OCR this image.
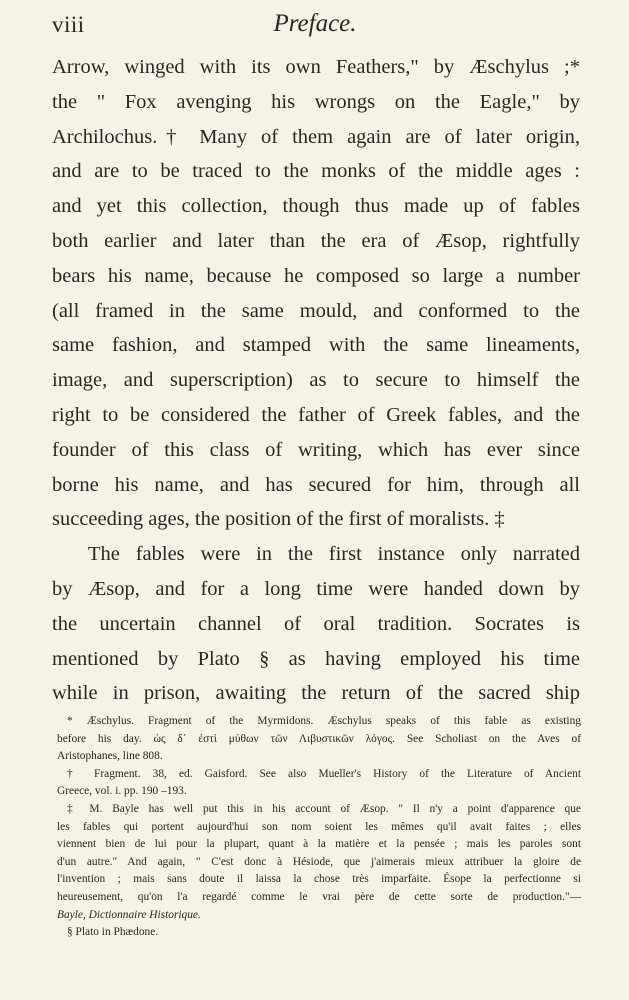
viii	Preface.
Arrow, winged with its own Feathers," by Æschylus ;*
the " Fox avenging his wrongs on the Eagle," by
Archilochus.† Many of them again are of later origin,
and are to be traced to the monks of the middle ages :
and yet this collection, though thus made up of fables
both earlier and later than the era of Æsop, rightfully
bears his name, because he composed so large a number
(all framed in the same mould, and conformed to the
same fashion, and stamped with the same lineaments,
image, and superscription) as to secure to himself the
right to be considered the father of Greek fables, and the
founder of this class of writing, which has ever since
borne his name, and has secured for him, through all
succeeding ages, the position of the first of moralists. ‡
The fables were in the first instance only narrated
by Æsop, and for a long time were handed down by
the uncertain channel of oral tradition. Socrates is
mentioned by Plato § as having employed his time
while in prison, awaiting the return of the sacred ship
* Æschylus. Fragment of the Myrmidons. Æschylus speaks of this fable as existing
before his day. ὡς δ᾽ ἐστὶ μύθων τῶν Λιβυστικῶν λόγος. See Scholiast on the Aves of
Aristophanes, line 808.
† Fragment. 38, ed. Gaisford. See also Mueller's History of the Literature of Ancient
Greece, vol. i. pp. 190 –193.
‡ M. Bayle has well put this in his account of Æsop. " Il n'y a point d'apparence que
les fables qui portent aujourd'hui son nom soient les mêmes qu'il avait faites ; elles
viennent bien de lui pour la plupart, quant à la matière et la pensée ; mais les paroles sont
d'un autre." And again, " C'est donc à Hésiode, que j'aimerais mieux attribuer la gloire de
l'invention ; mais sans doute il laissa la chose très imparfaite. Ésope la perfectionne si
heureusement, qu'on l'a regardé comme le vrai père de cette sorte de production."—
Bayle, Dictionnaire Historique.
§ Plato in Phædone.
